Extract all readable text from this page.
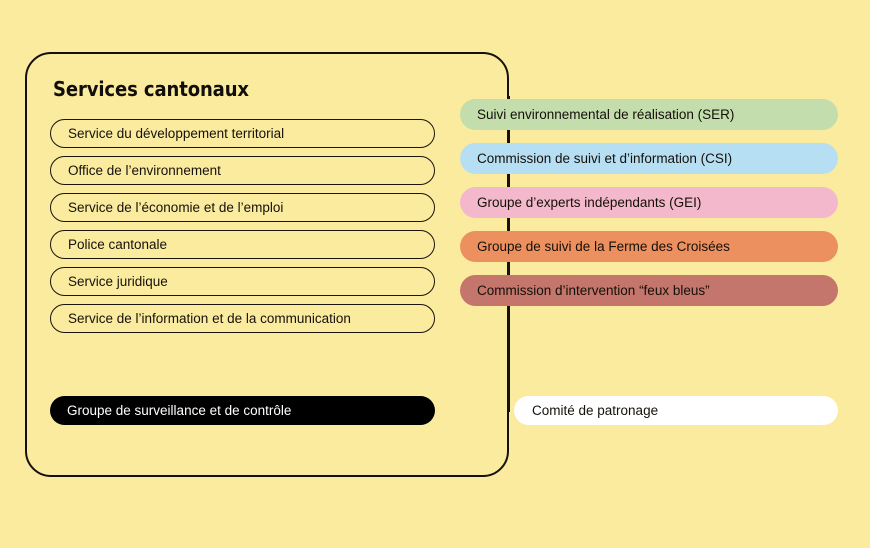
Services cantonaux
Service du développement territorial
Office de l’environnement
Service de l’économie et de l’emploi
Police cantonale
Service juridique
Service de l’information et de la communication
Suivi environnemental de réalisation (SER)
Commission de suivi et d’information (CSI)
Groupe d’experts indépendants (GEI)
Groupe de suivi de la Ferme des Croisées
Commission d’intervention “feux bleus”
Groupe de surveillance et de contrôle	Comité de patronage
